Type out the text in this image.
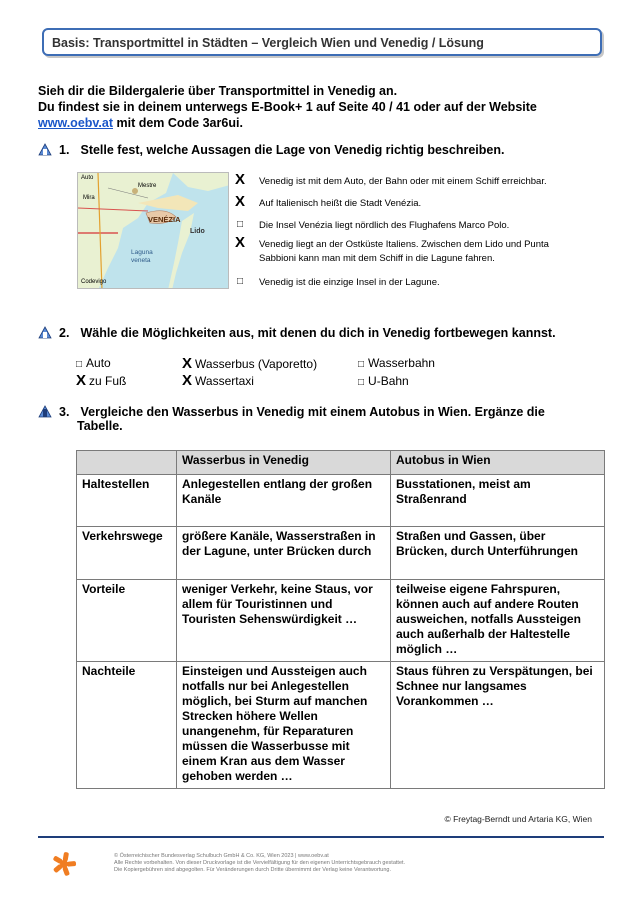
Basis: Transportmittel in Städten – Vergleich Wien und Venedig / Lösung
Sieh dir die Bildergalerie über Transportmittel in Venedig an.
Du findest sie in deinem unterwegs E-Book+ 1 auf Seite 40 / 41 oder auf der Website
www.oebv.at mit dem Code 3ar6ui.
1. Stelle fest, welche Aussagen die Lage von Venedig richtig beschreiben.
Auto
Mestre
Mira
VENÉZIA
Lido
Laguna
veneta
Codevigo
X	Venedig ist mit dem Auto, der Bahn oder mit einem Schiff erreichbar.
X	Auf Italienisch heißt die Stadt Venézia.
□	Die Insel Venézia liegt nördlich des Flughafens Marco Polo.
X	Venedig liegt an der Ostküste Italiens. Zwischen dem Lido und Punta
Sabbioni kann man mit dem Schiff in die Lagune fahren.
□	Venedig ist die einzige Insel in der Lagune.
2. Wähle die Möglichkeiten aus, mit denen du dich in Venedig fortbewegen kannst.
□ Auto	X Wasserbus (Vaporetto)	□ Wasserbahn
X zu Fuß	X Wassertaxi	□ U-Bahn
3. Vergleiche den Wasserbus in Venedig mit einem Autobus in Wien. Ergänze die
Tabelle.
	Wasserbus in Venedig	Autobus in Wien
Haltestellen	Anlegestellen entlang der großen Kanäle	Busstationen, meist am Straßenrand
Verkehrswege	größere Kanäle, Wasserstraßen in der Lagune, unter Brücken durch	Straßen und Gassen, über Brücken, durch Unterführungen
Vorteile	weniger Verkehr, keine Staus, vor allem für Touristinnen und Touristen Sehenswürdigkeit …	teilweise eigene Fahrspuren, können auch auf andere Routen ausweichen, notfalls Aussteigen auch außerhalb der Haltestelle möglich …
Nachteile	Einsteigen und Aussteigen auch notfalls nur bei Anlegestellen möglich, bei Sturm auf manchen Strecken höhere Wellen unangenehm, für Reparaturen müssen die Wasserbusse mit einem Kran aus dem Wasser gehoben werden …	Staus führen zu Verspätungen, bei Schnee nur langsames Vorankommen …
© Freytag-Berndt und Artaria KG, Wien
© Österreichischer Bundesverlag Schulbuch GmbH & Co. KG, Wien 2023 | www.oebv.at
Alle Rechte vorbehalten. Von dieser Druckvorlage ist die Vervielfältigung für den eigenen Unterrichtsgebrauch gestattet.
Die Kopiergebühren sind abgegolten. Für Veränderungen durch Dritte übernimmt der Verlag keine Verantwortung.
